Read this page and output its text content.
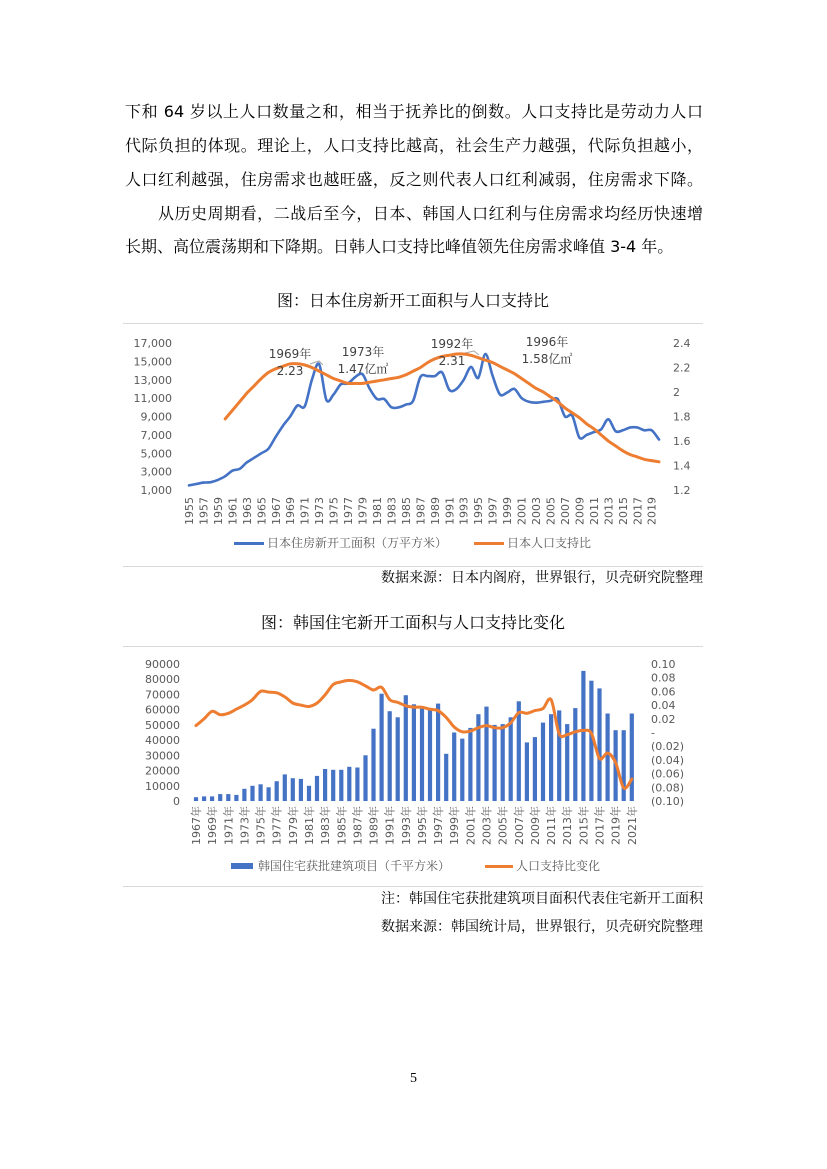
下和 64 岁以上人口数量之和，相当于抚养比的倒数。人口支持比是劳动力人口
代际负担的体现。理论上，人口支持比越高，社会生产力越强，代际负担越小，
人口红利越强，住房需求也越旺盛，反之则代表人口红利减弱，住房需求下降。
从历史周期看，二战后至今，日本、韩国人口红利与住房需求均经历快速增
长期、高位震荡期和下降期。日韩人口支持比峰值领先住房需求峰值 3-4 年。
图：日本住房新开工面积与人口支持比
1,000
3,000
5,000
7,000
9,000
11,000
13,000
15,000
17,000
1.2
1.4
1.6
1.8
2
2.2
2.4
1955 1957 1959 1961 1963 1965 1967 1969 1971 1973 1975 1977 1979 1981 1983 1985 1987 1989 1991 1993 1995 1997 1999 2001 2003 2005 2007 2009 2011 2013 2015 2017 2019
1969年
2.23
1973年
1.47亿㎡
1992年
2.31
1996年
1.58亿㎡
日本住房新开工面积（万平方米）	日本人口支持比
数据来源：日本内阁府，世界银行，贝壳研究院整理
图：韩国住宅新开工面积与人口支持比变化
0
10000
20000
30000
40000
50000
60000
70000
80000
90000
(0.10)
(0.08)
(0.06)
(0.04)
(0.02)
-
0.02
0.04
0.06
0.08
0.10
1967年 1969年 1971年 1973年 1975年 1977年 1979年 1981年 1983年 1985年 1987年 1989年 1991年 1993年 1995年 1997年 1999年 2001年 2003年 2005年 2007年 2009年 2011年 2013年 2015年 2017年 2019年 2021年
韩国住宅获批建筑项目（千平方米）	人口支持比变化
注：韩国住宅获批建筑项目面积代表住宅新开工面积
数据来源：韩国统计局，世界银行，贝壳研究院整理
5
